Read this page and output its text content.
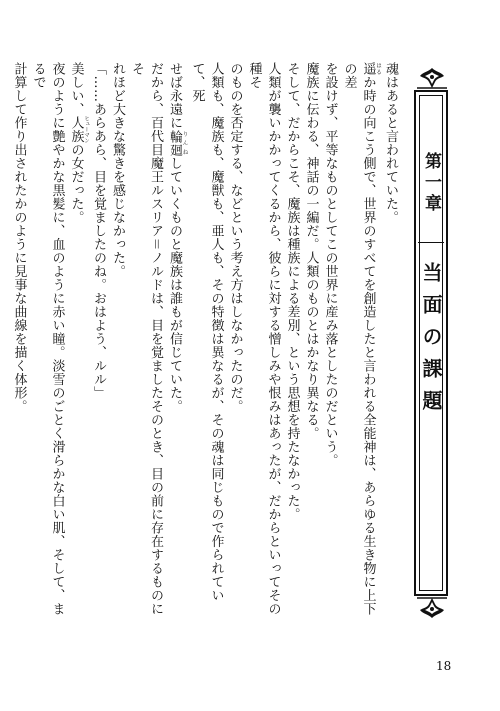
魂はあると言われていた。
遥 はるか時の向こう側で、世界のすべてを創造したと言われる全能神は、あらゆる生き物に上下の差
を設けず、平等なものとしてこの世界に産み落としたのだという。
魔族に伝わる、神話の一編だ。人類のものとはかなり異なる。
そして、だからこそ、魔族は種族による差別、という思想を持たなかった。
人類が襲いかかってくるから、彼らに対する憎しみや恨みはあったが、だからといってその種そ
のものを否定する、などという考え方はしなかったのだ。
人類も、魔族も、魔獣も、亜人も、その特徴は異なるが、その魂は同じもので作られていて、死
せば永遠に輪廻 りんねしていくものと魔族は誰もが信じていた。
だから、百代目魔王ルスリア＝ノルドは、目を覚ましたそのとき、目の前に存在するものにそ
れほど大きな驚きを感じなかった。
「……あらあら、目を覚ましたのね。おはよう、ルル」
美しい、人族 ヒューマンの女だった。
夜のように艶やかな黒髪に、血のように赤い瞳。淡雪のごとく滑らかな白い肌、そして、まるで
計算して作り出されたかのように見事な曲線を描く体形。	第一章
当面の課題
18
